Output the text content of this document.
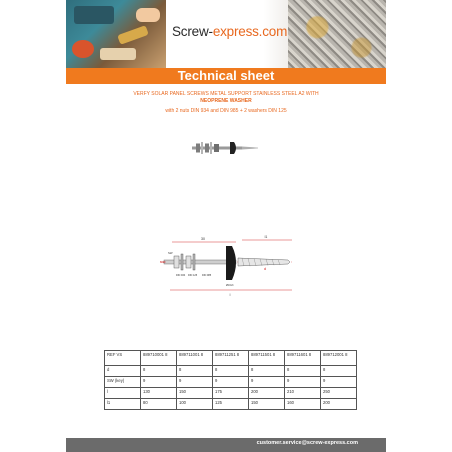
Screw-express.com
Technical sheet
VERFY SOLAR PANEL SCREWS METAL SUPPORT STAINLESS STEEL A2 WITH
NEOPRENE WASHER
with 2 nuts DIN 934 and DIN 985 + 2 washers DIN 125
30	l1
l
SW
M10
d
DIN 934 DIN 125 DIN 985
Ø16x3
REF VS	889710001 8	889711001 8	889711251 8	889711501 8	889711601 8	889712001 8
d	8	8	8	8	8	8
SW (key)	9	9	9	9	9	9
l	130	150	175	200	210	250
l1	80	100	125	150	160	200
customer.service@screw-express.com
